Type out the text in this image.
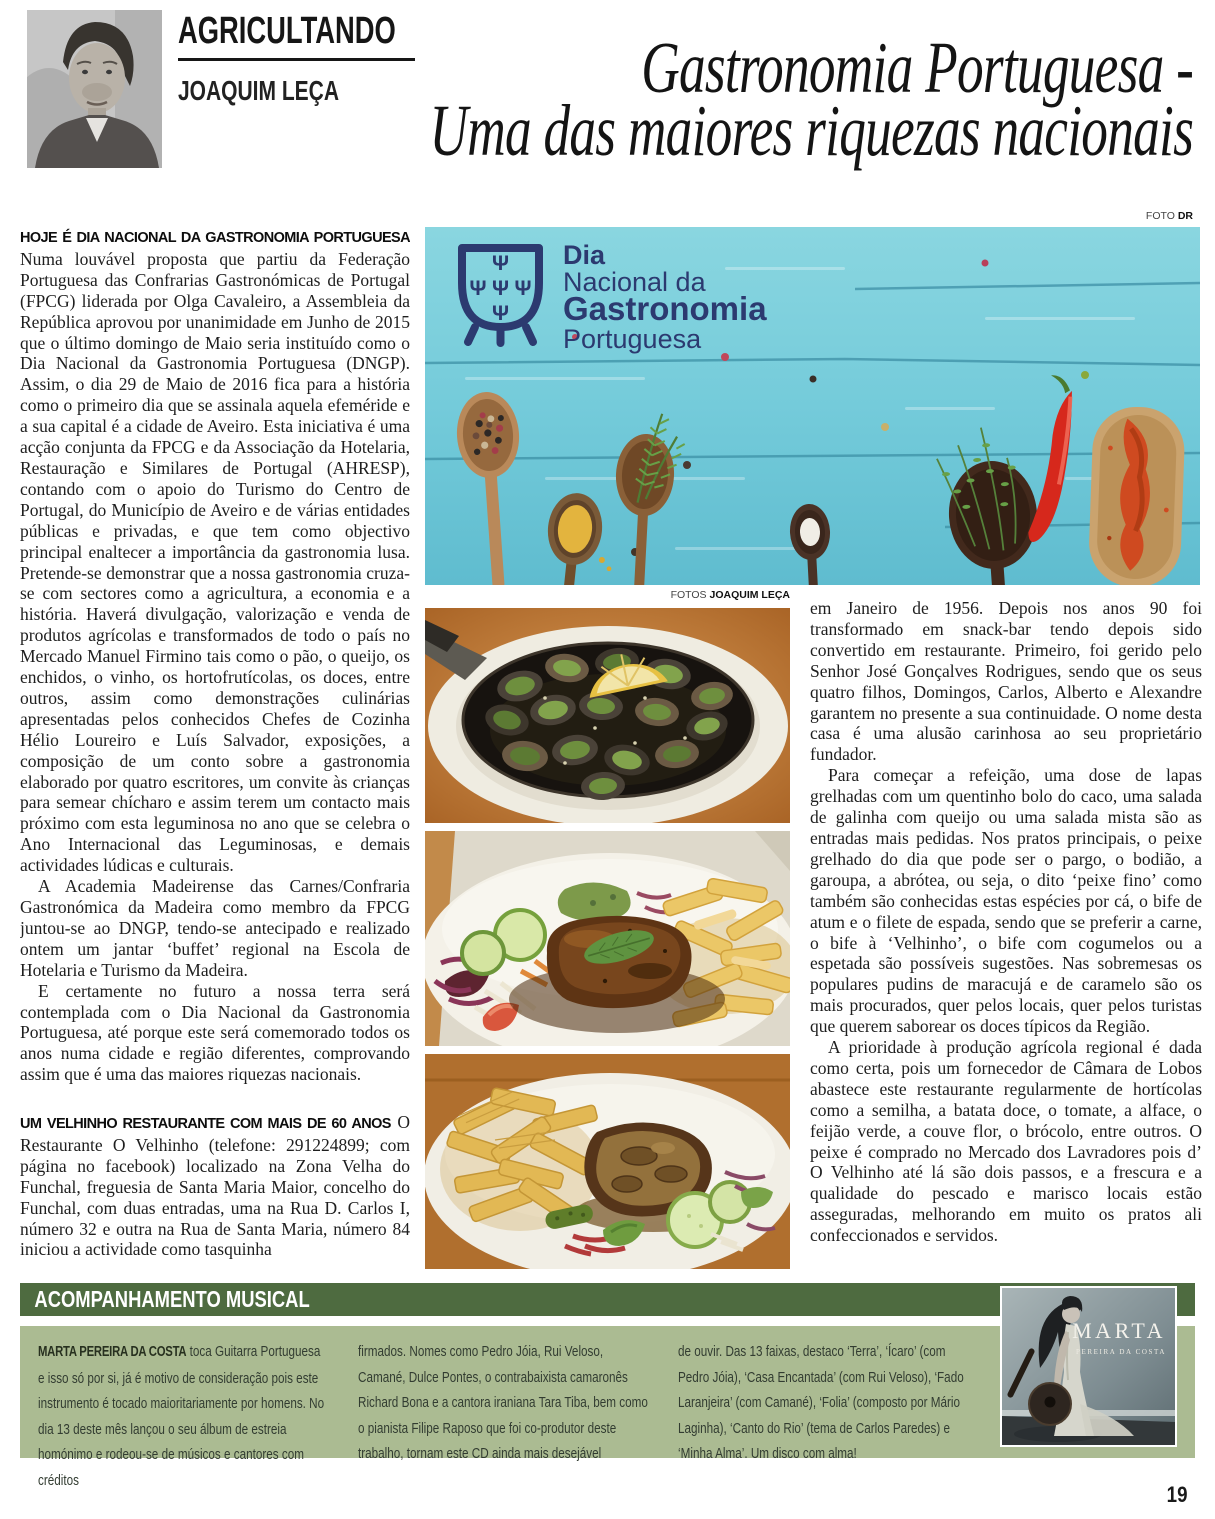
AGRICULTANDO
JOAQUIM LEÇA	Gastronomia Portuguesa -
Uma das maiores riquezas nacionais
FOTO DR
Ψ
Ψ Ψ Ψ
Ψ
Dia
Nacional da
Gastronomia
Portuguesa

HOJE É DIA NACIONAL DA GASTRONOMIA PORTUGUESA Numa louvável proposta que partiu da Federação Portuguesa das Confrarias Gastronómicas de Portugal (FPCG) liderada por Olga Cavaleiro, a Assembleia da República aprovou por unanimidade em Junho de 2015 que o último domingo de Maio seria instituído como o Dia Nacional da Gastronomia Portuguesa (DNGP). Assim, o dia 29 de Maio de 2016 fica para a história como o primeiro dia que se assinala aquela efeméride e a sua capital é a cidade de Aveiro. Esta iniciativa é uma acção conjunta da FPCG e da Associação da Hotelaria, Restauração e Similares de Portugal (AHRESP), contando com o apoio do Turismo do Centro de Portugal, do Município de Aveiro e de várias entidades públicas e privadas, e que tem como objectivo principal enaltecer a importância da gastronomia lusa. Pretende-se demonstrar que a nossa gastronomia cruza-se com sectores como a agricultura, a economia e a história. Haverá divulgação, valorização e venda de produtos agrícolas e transformados de todo o país no Mercado Manuel Firmino tais como o pão, o queijo, os enchidos, o vinho, os hortofrutícolas, os doces, entre outros, assim como demonstrações culinárias apresentadas pelos conhecidos Chefes de Cozinha Hélio Loureiro e Luís Salvador, exposições, a composição de um conto sobre a gastronomia elaborado por quatro escritores, um convite às crianças para semear chícharo e assim terem um contacto mais próximo com esta leguminosa no ano que se celebra o Ano Internacional das Leguminosas, e demais actividades lúdicas e culturais.

A Academia Madeirense das Carnes/Confraria Gastronómica da Madeira como membro da FPCG juntou-se ao DNGP, tendo-se antecipado e realizado ontem um jantar ‘buffet’ regional na Escola de Hotelaria e Turismo da Madeira.

E certamente no futuro a nossa terra será contemplada com o Dia Nacional da Gastronomia Portuguesa, até porque este será comemorado todos os anos numa cidade e região diferentes, comprovando assim que é uma das maiores riquezas nacionais.

UM VELHINHO RESTAURANTE COM MAIS DE 60 ANOS O Restaurante O Velhinho (telefone: 291224899; com página no facebook) localizado na Zona Velha do Funchal, freguesia de Santa Maria Maior, concelho do Funchal, com duas entradas, uma na Rua D. Carlos I, número 32 e outra na Rua de Santa Maria, número 84 iniciou a actividade como tasquinha

FOTOS JOAQUIM LEÇA

em Janeiro de 1956. Depois nos anos 90 foi transformado em snack-bar tendo depois sido convertido em restaurante. Primeiro, foi gerido pelo Senhor José Gonçalves Rodrigues, sendo que os seus quatro filhos, Domingos, Carlos, Alberto e Alexandre garantem no presente a sua continuidade. O nome desta casa é uma alusão carinhosa ao seu proprietário fundador.

Para começar a refeição, uma dose de lapas grelhadas com um quentinho bolo do caco, uma salada de galinha com queijo ou uma salada mista são as entradas mais pedidas. Nos pratos principais, o peixe grelhado do dia que pode ser o pargo, o bodião, a garoupa, a abrótea, ou seja, o dito ‘peixe fino’ como também são conhecidas estas espécies por cá, o bife de atum e o filete de espada, sendo que se preferir a carne, o bife à ‘Velhinho’, o bife com cogumelos ou a espetada são possíveis sugestões. Nas sobremesas os populares pudins de maracujá e de caramelo são os mais procurados, quer pelos locais, quer pelos turistas que querem saborear os doces típicos da Região.

A prioridade à produção agrícola regional é dada como certa, pois um fornecedor de Câmara de Lobos abastece este restaurante regularmente de hortícolas como a semilha, a batata doce, o tomate, a alface, o feijão verde, a couve flor, o brócolo, entre outros. O peixe é comprado no Mercado dos Lavradores pois d’ O Velhinho até lá são dois passos, e a frescura e a qualidade do pescado e marisco locais estão asseguradas, melhorando em muito os pratos ali confeccionados e servidos.

ACOMPANHAMENTO MUSICAL
MARTA PEREIRA DA COSTA toca Guitarra Portuguesa e isso só por si, já é motivo de consideração pois este instrumento é tocado maioritariamente por homens. No dia 13 deste mês lançou o seu álbum de estreia homónimo e rodeou-se de músicos e cantores com créditos
firmados. Nomes como Pedro Jóia, Rui Veloso, Camané, Dulce Pontes, o contrabaixista camaronês Richard Bona e a cantora iraniana Tara Tiba, bem como o pianista Filipe Raposo que foi co-produtor deste trabalho, tornam este CD ainda mais desejável
de ouvir. Das 13 faixas, destaco ‘Terra’, ‘Ícaro’ (com Pedro Jóia), ‘Casa Encantada’ (com Rui Veloso), ‘Fado Laranjeira’ (com Camané), ‘Folia’ (composto por Mário Laginha), ‘Canto do Rio’ (tema de Carlos Paredes) e ‘Minha Alma’. Um disco com alma!
MARTA
PEREIRA DA COSTA
19
